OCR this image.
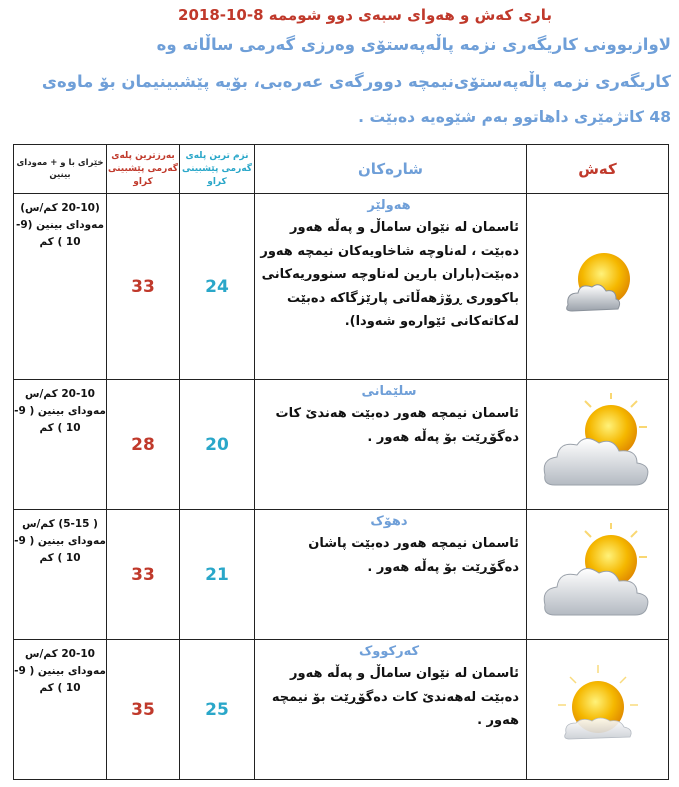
باری کەش و هەوای سبەی دوو شوممە 8-10-2018
لاوازبوونی کاریگەری نزمە پاڵەپەستۆی وەرزی گەرمی ساڵانە وە
کاریگەری نزمە پاڵەپەستۆی‌نیمچە دوورگەی عەرەبی، بۆیە پێشبینیمان بۆ ماوەی
48 کاتژمێری داهاتوو بەم شێوەیە دەبێت .
خێرای با و + مەودای بینین	بەرزترین پلەی گەرمی پێشبینی کراو	نزم ترین پلەی گەرمی پێشبینی کراو	شارەکان	کەش
(20-10 کم/س) مەودای بینین (9-10 ) کم	33	24	هەولێر
ئاسمان لە نێوان ساماڵ و پەڵە هەور دەبێت ، لەناوچە شاخاویەکان نیمچە هەور دەبێت(باران بارین لەناوچە سنووریەکانی باکووری ڕۆژهەڵاتی پارێزگاکە دەبێت لەکاتەکانی ئێوارەو شەودا).

20-10 کم/س مەودای بینین ( 9-10 ) کم	28	20	سلێمانی
ئاسمان نیمچە هەور دەبێت هەندێ کات دەگۆڕێت بۆ پەڵە هەور .

( 5-15) کم/س مەودای بینین ( 9-10 ) کم	33	21	دهۆک
ئاسمان نیمچە هەور دەبێت پاشان دەگۆڕێت بۆ پەڵە هەور .

20-10 کم/س مەودای بینین ( 9-10 ) کم	35	25	کەرکووک
ئاسمان لە نێوان ساماڵ و پەڵە هەور دەبێت لەهەندێ کات دەگۆڕێت بۆ نیمچە هەور .
